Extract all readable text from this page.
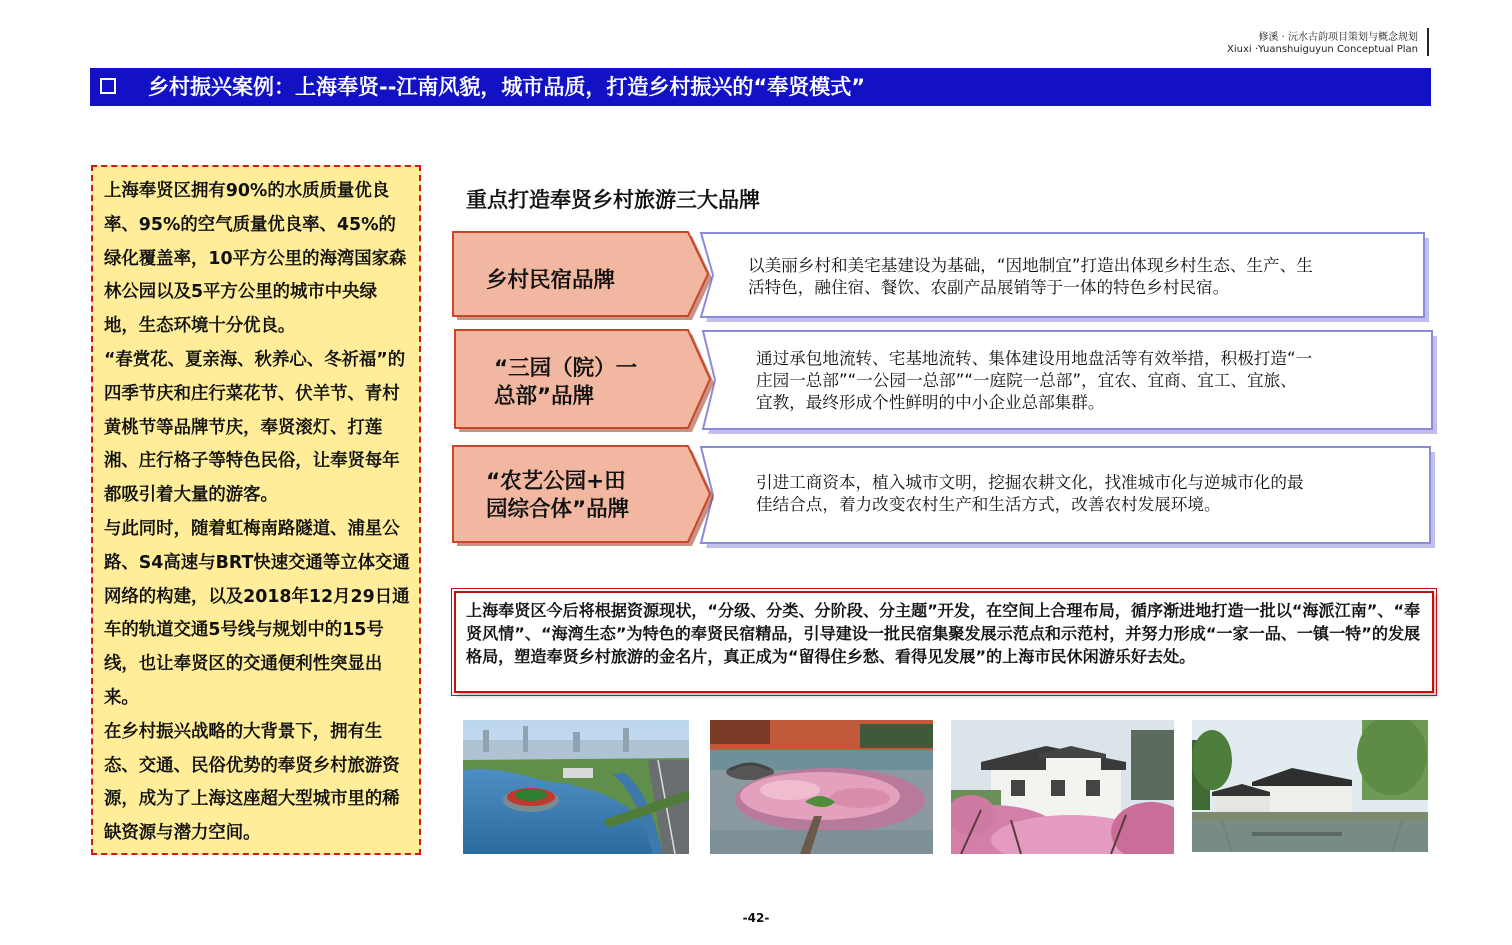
修溪 · 沅水古韵项目策划与概念规划
Xiuxi ·Yuanshuiguyun Conceptual Plan
乡村振兴案例：上海奉贤--江南风貌，城市品质，打造乡村振兴的“奉贤模式”

上海奉贤区拥有90%的水质质量优良率、95%的空气质量优良率、45%的绿化覆盖率，10平方公里的海湾国家森林公园以及5平方公里的城市中央绿地，生态环境十分优良。

“春赏花、夏亲海、秋养心、冬祈福”的四季节庆和庄行菜花节、伏羊节、青村黄桃节等品牌节庆，奉贤滚灯、打莲湘、庄行格子等特色民俗，让奉贤每年都吸引着大量的游客。

与此同时，随着虹梅南路隧道、浦星公路、S4高速与BRT快速交通等立体交通网络的构建，以及2018年12月29日通车的轨道交通5号线与规划中的15号线，也让奉贤区的交通便利性突显出来。

在乡村振兴战略的大背景下，拥有生态、交通、民俗优势的奉贤乡村旅游资源，成为了上海这座超大型城市里的稀缺资源与潜力空间。

重点打造奉贤乡村旅游三大品牌
乡村民宿品牌
以美丽乡村和美宅基建设为基础，“因地制宜”打造出体现乡村生态、生产、生
活特色，融住宿、餐饮、农副产品展销等于一体的特色乡村民宿。
“三园（院）一
总部”品牌
通过承包地流转、宅基地流转、集体建设用地盘活等有效举措，积极打造“一
庄园一总部”“一公园一总部”“一庭院一总部”，宜农、宜商、宜工、宜旅、
宜教，最终形成个性鲜明的中小企业总部集群。
“农艺公园+田
园综合体”品牌
引进工商资本，植入城市文明，挖掘农耕文化，找准城市化与逆城市化的最
佳结合点，着力改变农村生产和生活方式，改善农村发展环境。
上海奉贤区今后将根据资源现状，“分级、分类、分阶段、分主题”开发，在空间上合理布局，循序渐进地打造一批以“海派江南”、“奉贤风情”、“海湾生态”为特色的奉贤民宿精品，引导建设一批民宿集聚发展示范点和示范村，并努力形成“一家一品、一镇一特”的发展格局，塑造奉贤乡村旅游的金名片，真正成为“留得住乡愁、看得见发展”的上海市民休闲游乐好去处。
-42-
